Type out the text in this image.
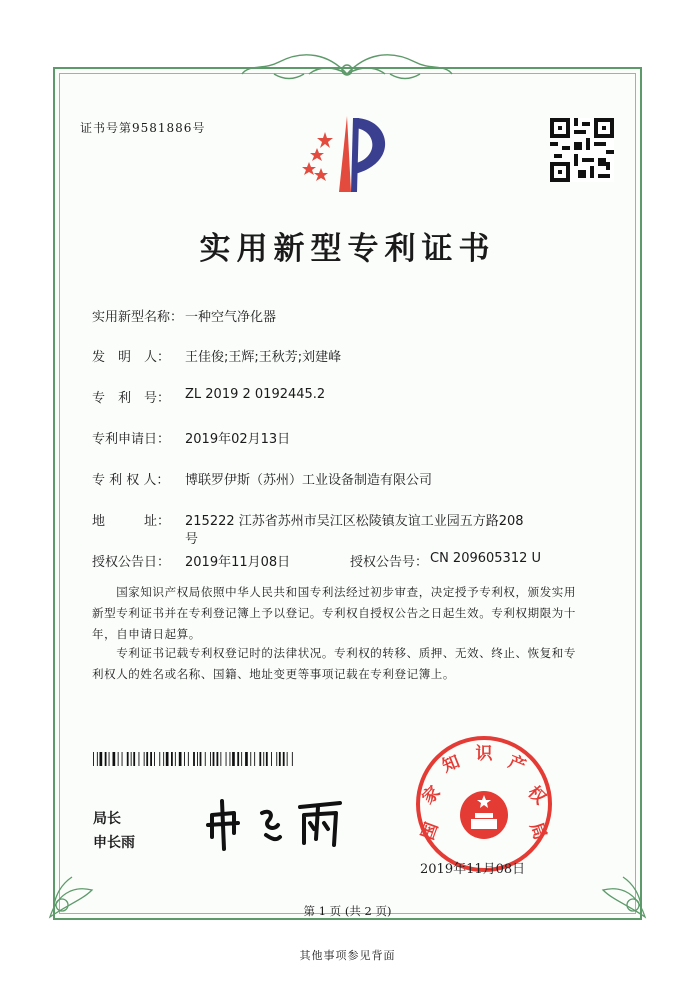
证书号第9581886号
实用新型专利证书
实用新型名称： 一种空气净化器
发　明　人： 王佳俊;王辉;王秋芳;刘建峰
专　利　号： ZL 2019 2 0192445.2
专利申请日： 2019年02月13日
专 利 权 人： 博联罗伊斯（苏州）工业设备制造有限公司
地　　　址： 215222 江苏省苏州市吴江区松陵镇友谊工业园五方路208
号
授权公告日： 2019年11月08日	授权公告号： CN 209605312 U
　　国家知识产权局依照中华人民共和国专利法经过初步审查，决定授予专利权，颁发实用
新型专利证书并在专利登记簿上予以登记。专利权自授权公告之日起生效。专利权期限为十
年，自申请日起算。
　　专利证书记载专利权登记时的法律状况。专利权的转移、质押、无效、终止、恢复和专
利权人的姓名或名称、国籍、地址变更等事项记载在专利登记簿上。
局长
申长雨
国
家
知 识 产
权
局
2019年11月08日
第 1 页 (共 2 页)
其他事项参见背面
